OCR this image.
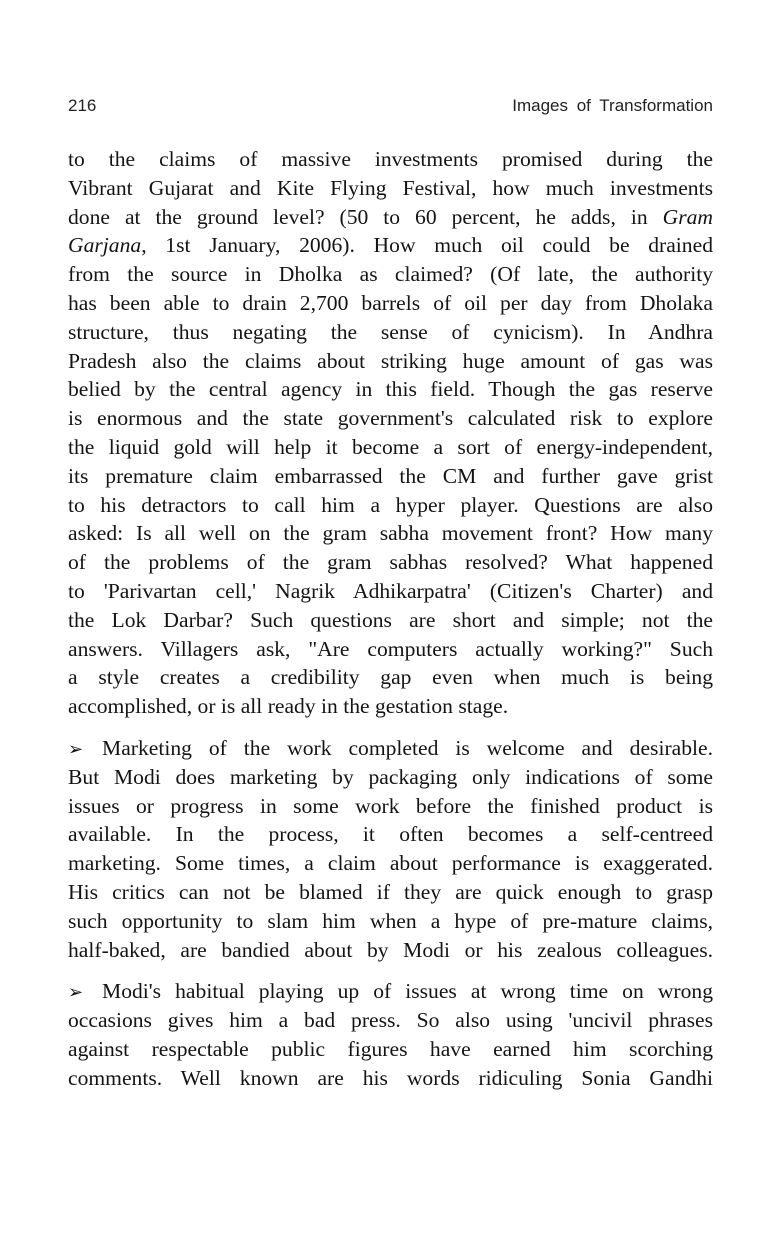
216	Images of Transformation
to the claims of massive investments promised during the
Vibrant Gujarat and Kite Flying Festival, how much investments
done at the ground level? (50 to 60 percent, he adds, in Gram
Garjana, 1st January, 2006). How much oil could be drained
from the source in Dholka as claimed? (Of late, the authority
has been able to drain 2,700 barrels of oil per day from Dholaka
structure, thus negating the sense of cynicism). In Andhra
Pradesh also the claims about striking huge amount of gas was
belied by the central agency in this field. Though the gas reserve
is enormous and the state government's calculated risk to explore
the liquid gold will help it become a sort of energy-independent,
its premature claim embarrassed the CM and further gave grist
to his detractors to call him a hyper player. Questions are also
asked: Is all well on the gram sabha movement front? How many
of the problems of the gram sabhas resolved? What happened
to 'Parivartan cell,' Nagrik Adhikarpatra' (Citizen's Charter) and
the Lok Darbar? Such questions are short and simple; not the
answers. Villagers ask, "Are computers actually working?" Such
a style creates a credibility gap even when much is being
accomplished, or is all ready in the gestation stage.
➢ Marketing of the work completed is welcome and desirable.
But Modi does marketing by packaging only indications of some
issues or progress in some work before the finished product is
available. In the process, it often becomes a self-centreed
marketing. Some times, a claim about performance is exaggerated.
His critics can not be blamed if they are quick enough to grasp
such opportunity to slam him when a hype of pre-mature claims,
half-baked, are bandied about by Modi or his zealous colleagues.
➢ Modi's habitual playing up of issues at wrong time on wrong
occasions gives him a bad press. So also using 'uncivil phrases
against respectable public figures have earned him scorching
comments. Well known are his words ridiculing Sonia Gandhi
